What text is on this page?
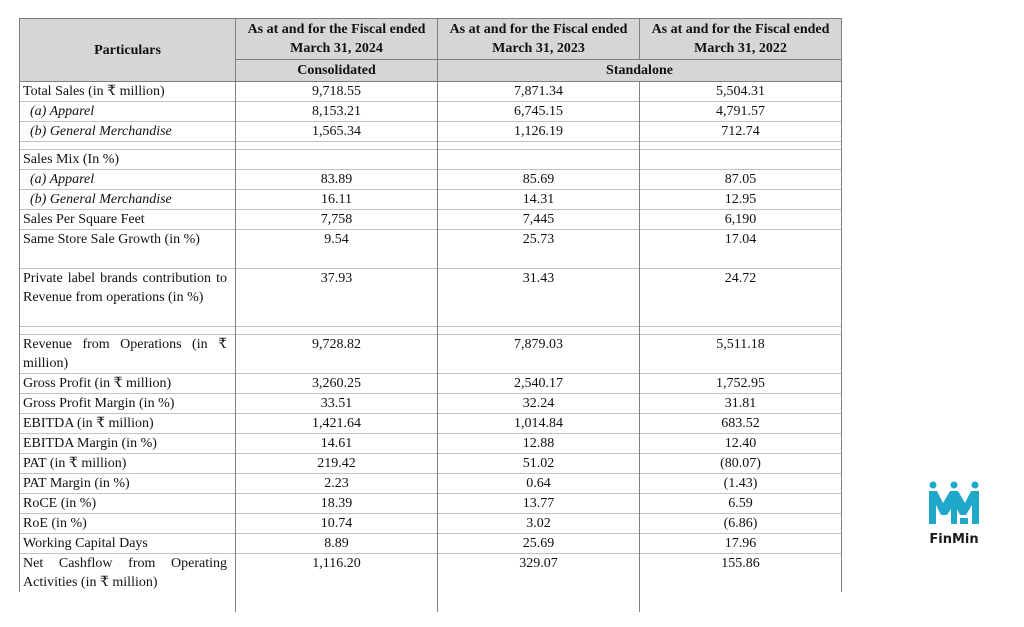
Particulars	As at and for the Fiscal ended March 31, 2024	As at and for the Fiscal ended March 31, 2023	As at and for the Fiscal ended March 31, 2022
	Consolidated	Standalone	
Total Sales (in ₹ million)	9,718.55	7,871.34	5,504.31
(a) Apparel	8,153.21	6,745.15	4,791.57
(b) General Merchandise	1,565.34	1,126.19	712.74

Sales Mix (In %)			
(a) Apparel	83.89	85.69	87.05
(b) General Merchandise	16.11	14.31	12.95
Sales Per Square Feet	7,758	7,445	6,190
Same Store Sale Growth (in %)	9.54	25.73	17.04
Private label brands contribution to Revenue from operations (in %)	37.93	31.43	24.72

Revenue from Operations (in ₹ million)	9,728.82	7,879.03	5,511.18
Gross Profit (in ₹ million)	3,260.25	2,540.17	1,752.95
Gross Profit Margin (in %)	33.51	32.24	31.81
EBITDA (in ₹ million)	1,421.64	1,014.84	683.52
EBITDA Margin (in %)	14.61	12.88	12.40
PAT (in ₹ million)	219.42	51.02	(80.07)
PAT Margin (in %)	2.23	0.64	(1.43)
RoCE (in %)	18.39	13.77	6.59
RoE (in %)	10.74	3.02	(6.86)
Working Capital Days	8.89	25.69	17.96
Net Cashflow from Operating Activities (in ₹ million)	1,116.20	329.07	155.86

FinMin
